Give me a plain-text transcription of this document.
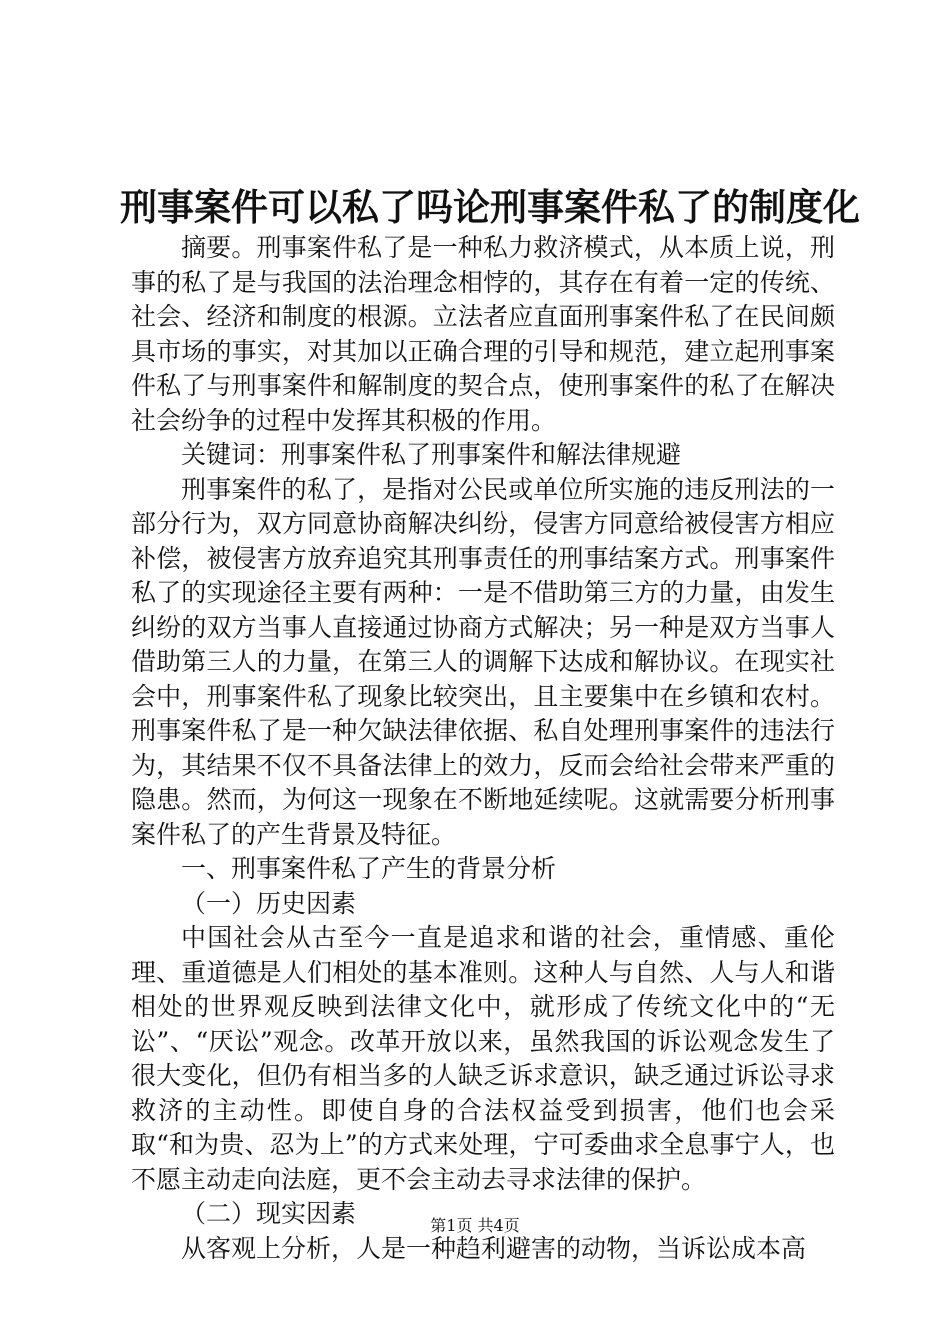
刑事案件可以私了吗论刑事案件私了的制度化

摘要。刑事案件私了是一种私力救济模式，从本质上说，刑事的私了是与我国的法治理念相悖的，其存在有着一定的传统、社会、经济和制度的根源。立法者应直面刑事案件私了在民间颇具市场的事实，对其加以正确合理的引导和规范，建立起刑事案件私了与刑事案件和解制度的契合点，使刑事案件的私了在解决社会纷争的过程中发挥其积极的作用。

关键词：刑事案件私了刑事案件和解法律规避

刑事案件的私了，是指对公民或单位所实施的违反刑法的一部分行为，双方同意协商解决纠纷，侵害方同意给被侵害方相应补偿，被侵害方放弃追究其刑事责任的刑事结案方式。刑事案件私了的实现途径主要有两种：一是不借助第三方的力量，由发生纠纷的双方当事人直接通过协商方式解决；另一种是双方当事人借助第三人的力量，在第三人的调解下达成和解协议。在现实社会中，刑事案件私了现象比较突出，且主要集中在乡镇和农村。刑事案件私了是一种欠缺法律依据、私自处理刑事案件的违法行为，其结果不仅不具备法律上的效力，反而会给社会带来严重的隐患。然而，为何这一现象在不断地延续呢。这就需要分析刑事案件私了的产生背景及特征。

一、刑事案件私了产生的背景分析

（一）历史因素

中国社会从古至今一直是追求和谐的社会，重情感、重伦理、重道德是人们相处的基本准则。这种人与自然、人与人和谐相处的世界观反映到法律文化中，就形成了传统文化中的“无讼”、“厌讼”观念。改革开放以来，虽然我国的诉讼观念发生了很大变化，但仍有相当多的人缺乏诉求意识，缺乏通过诉讼寻求救济的主动性。即使自身的合法权益受到损害，他们也会采取“和为贵、忍为上”的方式来处理，宁可委曲求全息事宁人，也不愿主动走向法庭，更不会主动去寻求法律的保护。

（二）现实因素

从客观上分析，人是一种趋利避害的动物，当诉讼成本高

第1页 共4页
